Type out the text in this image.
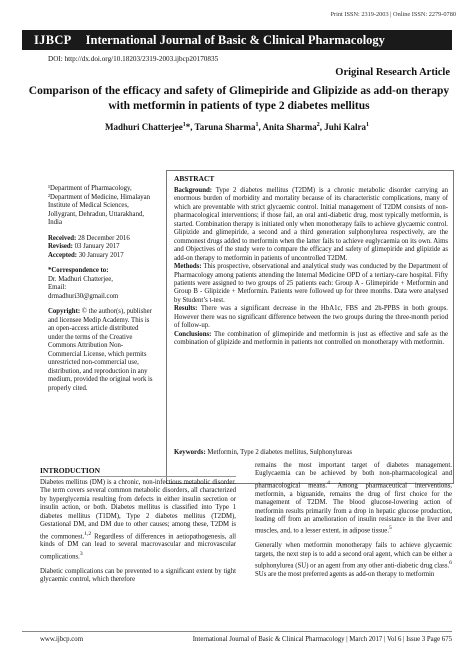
Print ISSN: 2319-2003 | Online ISSN: 2279-0780
IJBCP International Journal of Basic & Clinical Pharmacology
DOI: http://dx.doi.org/10.18203/2319-2003.ijbcp20170835
Original Research Article
Comparison of the efficacy and safety of Glimepiride and Glipizide as add-on therapy with metformin in patients of type 2 diabetes mellitus
Madhuri Chatterjee$^1$*, Taruna Sharma$^1$, Anita Sharma$^2$, Juhi Kalra$^1$

¹Department of Pharmacology, ²Department of Medicine, Himalayan Institute of Medical Sciences, Jollygrant, Dehradun, Uttarakhand, India

Received: 28 December 2016
Revised: 03 January 2017
Accepted: 30 January 2017

*Correspondence to:
Dr. Madhuri Chatterjee,
Email:
drmadhuri30@gmail.com

Copyright: © the author(s), publisher and licensee Medip Academy. This is an open-access article distributed under the terms of the Creative Commons Attribution Non-Commercial License, which permits unrestricted non-commercial use, distribution, and reproduction in any medium, provided the original work is properly cited.

ABSTRACT

Background: Type 2 diabetes mellitus (T2DM) is a chronic metabolic disorder carrying an enormous burden of morbidity and mortality because of its characteristic complications, many of which are preventable with strict glycaemic control. Initial management of T2DM consists of non-pharmacological interventions; if those fail, an oral anti-diabetic drug, most typically metformin, is started. Combination therapy is initiated only when monotherapy fails to achieve glycaemic control. Glipizide and glimepiride, a second and a third generation sulphonylurea respectively, are the commonest drugs added to metformin when the latter fails to achieve euglycaemia on its own. Aims and Objectives of the study were to compare the efficacy and safety of glimepiride and glipizide as add-on therapy to metformin in patients of uncontrolled T2DM.

Methods: This prospective, observational and analytical study was conducted by the Department of Pharmacology among patients attending the Internal Medicine OPD of a tertiary-care hospital. Fifty patients were assigned to two groups of 25 patients each: Group A - Glimepiride + Metformin and Group B - Glipizide + Metformin. Patients were followed up for three months. Data were analysed by Student’s t-test.

Results: There was a significant decrease in the HbA1c, FBS and 2h-PPBS in both groups. However there was no significant difference between the two groups during the three-month period of follow-up.

Conclusions: The combination of glimepiride and metformin is just as effective and safe as the combination of glipizide and metformin in patients not controlled on monotherapy with metformin.

Keywords: Metformin, Type 2 diabetes mellitus, Sulphonylureas
INTRODUCTION

Diabetes mellitus (DM) is a chronic, non-infectious metabolic disorder. The term covers several common metabolic disorders, all characterized by hyperglycemia resulting from defects in either insulin secretion or insulin action, or both. Diabetes mellitus is classified into Type 1 diabetes mellitus (T1DM), Type 2 diabetes mellitus (T2DM), Gestational DM, and DM due to other causes; among these, T2DM is the commonest.$^{1,2}$ Regardless of differences in aetiopathogenesis, all kinds of DM can lead to several macrovascular and microvascular complications.$^3$

Diabetic complications can be prevented to a significant extent by tight glycaemic control, which therefore

remains the most important target of diabetes management. Euglycaemia can be achieved by both non-pharmacological and pharmacological means.$^4$ Among pharmaceutical interventions, metformin, a biguanide, remains the drug of first choice for the management of T2DM. The blood glucose-lowering action of metformin results primarily from a drop in hepatic glucose production, leading off from an amelioration of insulin resistance in the liver and muscles, and, to a lesser extent, in adipose tissue.$^5$

Generally when metformin monotherapy fails to achieve glycaemic targets, the next step is to add a second oral agent, which can be either a sulphonylurea (SU) or an agent from any other anti-diabetic drug class.$^6$ SUs are the most preferred agents as add-on therapy to metformin

www.ijbcp.com	International Journal of Basic & Clinical Pharmacology | March 2017 | Vol 6 | Issue 3 Page 675
